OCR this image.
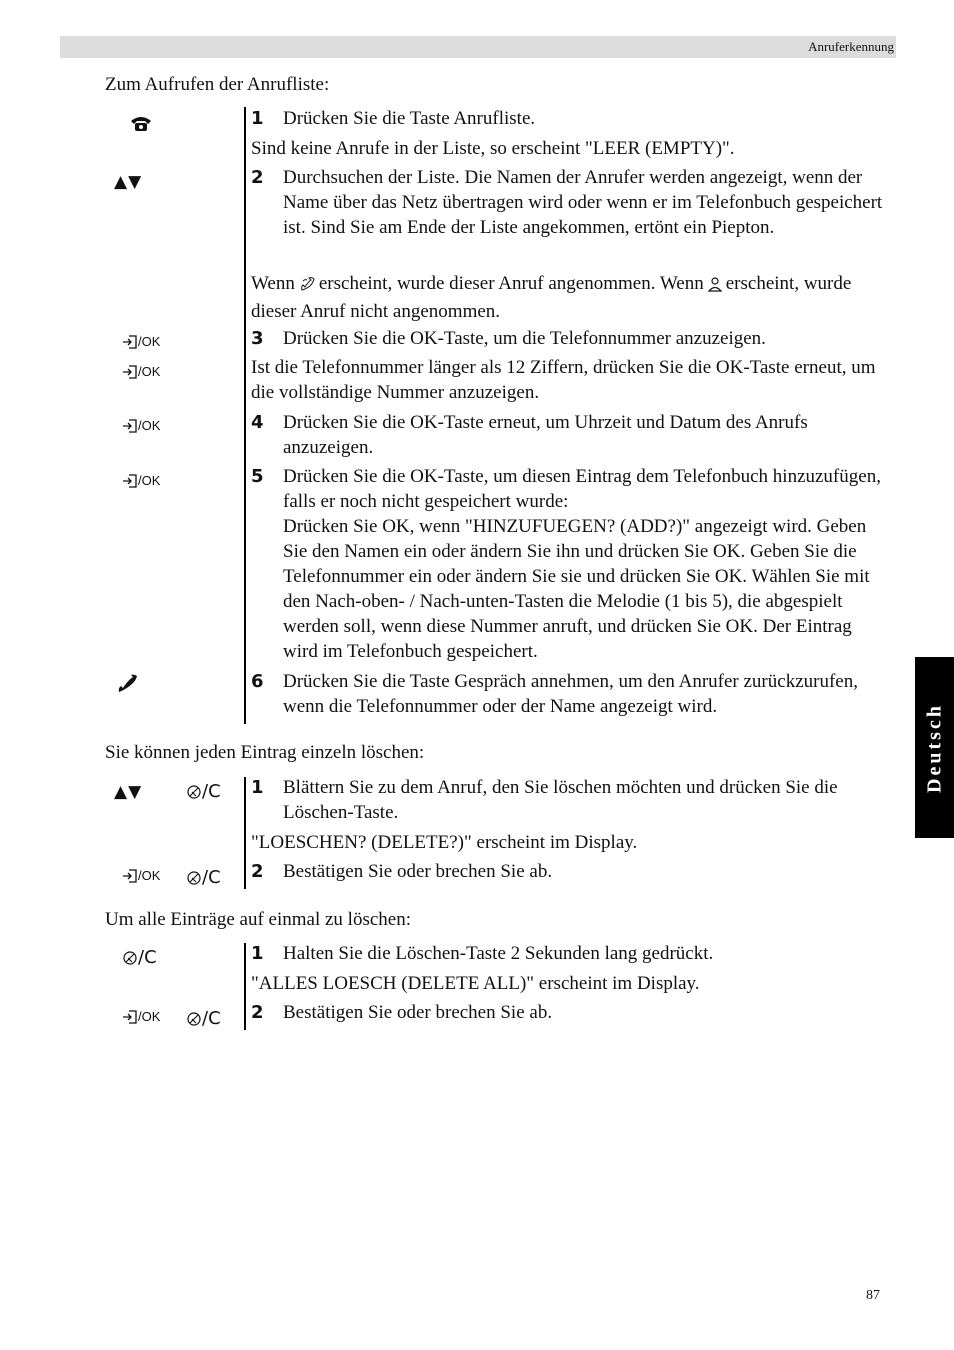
Anruferkennung
Deutsch
Zum Aufrufen der Anrufliste:
▲▼
/OK
/OK
/OK
/OK
1 Drücken Sie die Taste Anrufliste.
Sind keine Anrufe in der Liste, so erscheint "LEER (EMPTY)".
2 Durchsuchen der Liste. Die Namen der Anrufer werden angezeigt, wenn der Name über das Netz übertragen wird oder wenn er im Telefonbuch gespeichert ist. Sind Sie am Ende der Liste angekommen, ertönt ein Piepton.
Wenn erscheint, wurde dieser Anruf angenommen. Wenn erscheint, wurde dieser Anruf nicht angenommen.
3 Drücken Sie die OK-Taste, um die Telefonnummer anzuzeigen.
Ist die Telefonnummer länger als 12 Ziffern, drücken Sie die OK-Taste erneut, um die vollständige Nummer anzuzeigen.
4 Drücken Sie die OK-Taste erneut, um Uhrzeit und Datum des Anrufs anzuzeigen.
5 Drücken Sie die OK-Taste, um diesen Eintrag dem Telefonbuch hinzuzufügen, falls er noch nicht gespeichert wurde:
Drücken Sie OK, wenn "HINZUFUEGEN? (ADD?)" angezeigt wird. Geben Sie den Namen ein oder ändern Sie ihn und drücken Sie OK. Geben Sie die Telefonnummer ein oder ändern Sie sie und drücken Sie OK. Wählen Sie mit den Nach-oben- / Nach-unten-Tasten die Melodie (1 bis 5), die abgespielt werden soll, wenn diese Nummer anruft, und drücken Sie OK. Der Eintrag wird im Telefonbuch gespeichert.
6 Drücken Sie die Taste Gespräch annehmen, um den Anrufer zurückzurufen, wenn die Telefonnummer oder der Name angezeigt wird.
Sie können jeden Eintrag einzeln löschen:
▲▼	/C
/OK /C
1 Blättern Sie zu dem Anruf, den Sie löschen möchten und drücken Sie die Löschen-Taste.
"LOESCHEN? (DELETE?)" erscheint im Display.
2 Bestätigen Sie oder brechen Sie ab.
Um alle Einträge auf einmal zu löschen:
/C
/OK /C
1 Halten Sie die Löschen-Taste 2 Sekunden lang gedrückt.
"ALLES LOESCH (DELETE ALL)" erscheint im Display.
2 Bestätigen Sie oder brechen Sie ab.
87
